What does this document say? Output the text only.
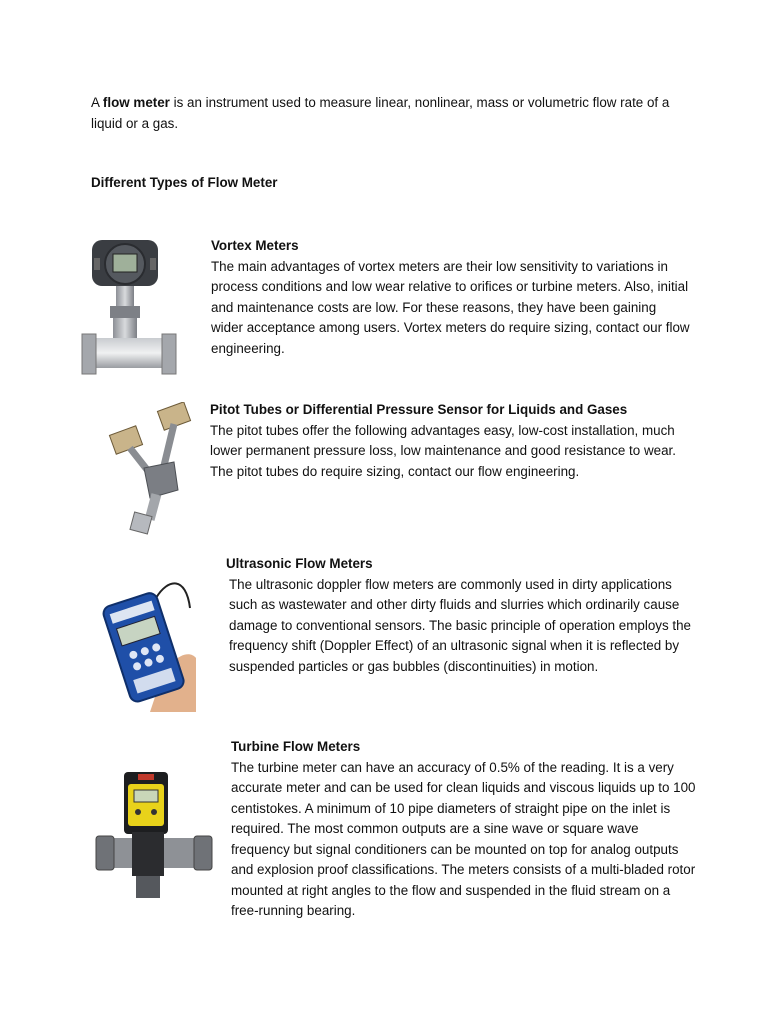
A flow meter is an instrument used to measure linear, nonlinear, mass or volumetric flow rate of a liquid or a gas.

Different Types of Flow Meter
Vortex Meters

The main advantages of vortex meters are their low sensitivity to variations in process conditions and low wear relative to orifices or turbine meters. Also, initial and maintenance costs are low. For these reasons, they have been gaining wider acceptance among users. Vortex meters do require sizing, contact our flow engineering.

Pitot Tubes or Differential Pressure Sensor for Liquids and Gases

The pitot tubes offer the following advantages easy, low-cost installation, much lower permanent pressure loss, low maintenance and good resistance to wear. The pitot tubes do require sizing, contact our flow engineering.

Ultrasonic Flow Meters

The ultrasonic doppler flow meters are commonly used in dirty applications such as wastewater and other dirty fluids and slurries which ordinarily cause damage to conventional sensors. The basic principle of operation employs the frequency shift (Doppler Effect) of an ultrasonic signal when it is reflected by suspended particles or gas bubbles (discontinuities) in motion.

Turbine Flow Meters

The turbine meter can have an accuracy of 0.5% of the reading. It is a very accurate meter and can be used for clean liquids and viscous liquids up to 100 centistokes. A minimum of 10 pipe diameters of straight pipe on the inlet is required. The most common outputs are a sine wave or square wave frequency but signal conditioners can be mounted on top for analog outputs and explosion proof classifications. The meters consists of a multi-bladed rotor mounted at right angles to the flow and suspended in the fluid stream on a free-running bearing.
